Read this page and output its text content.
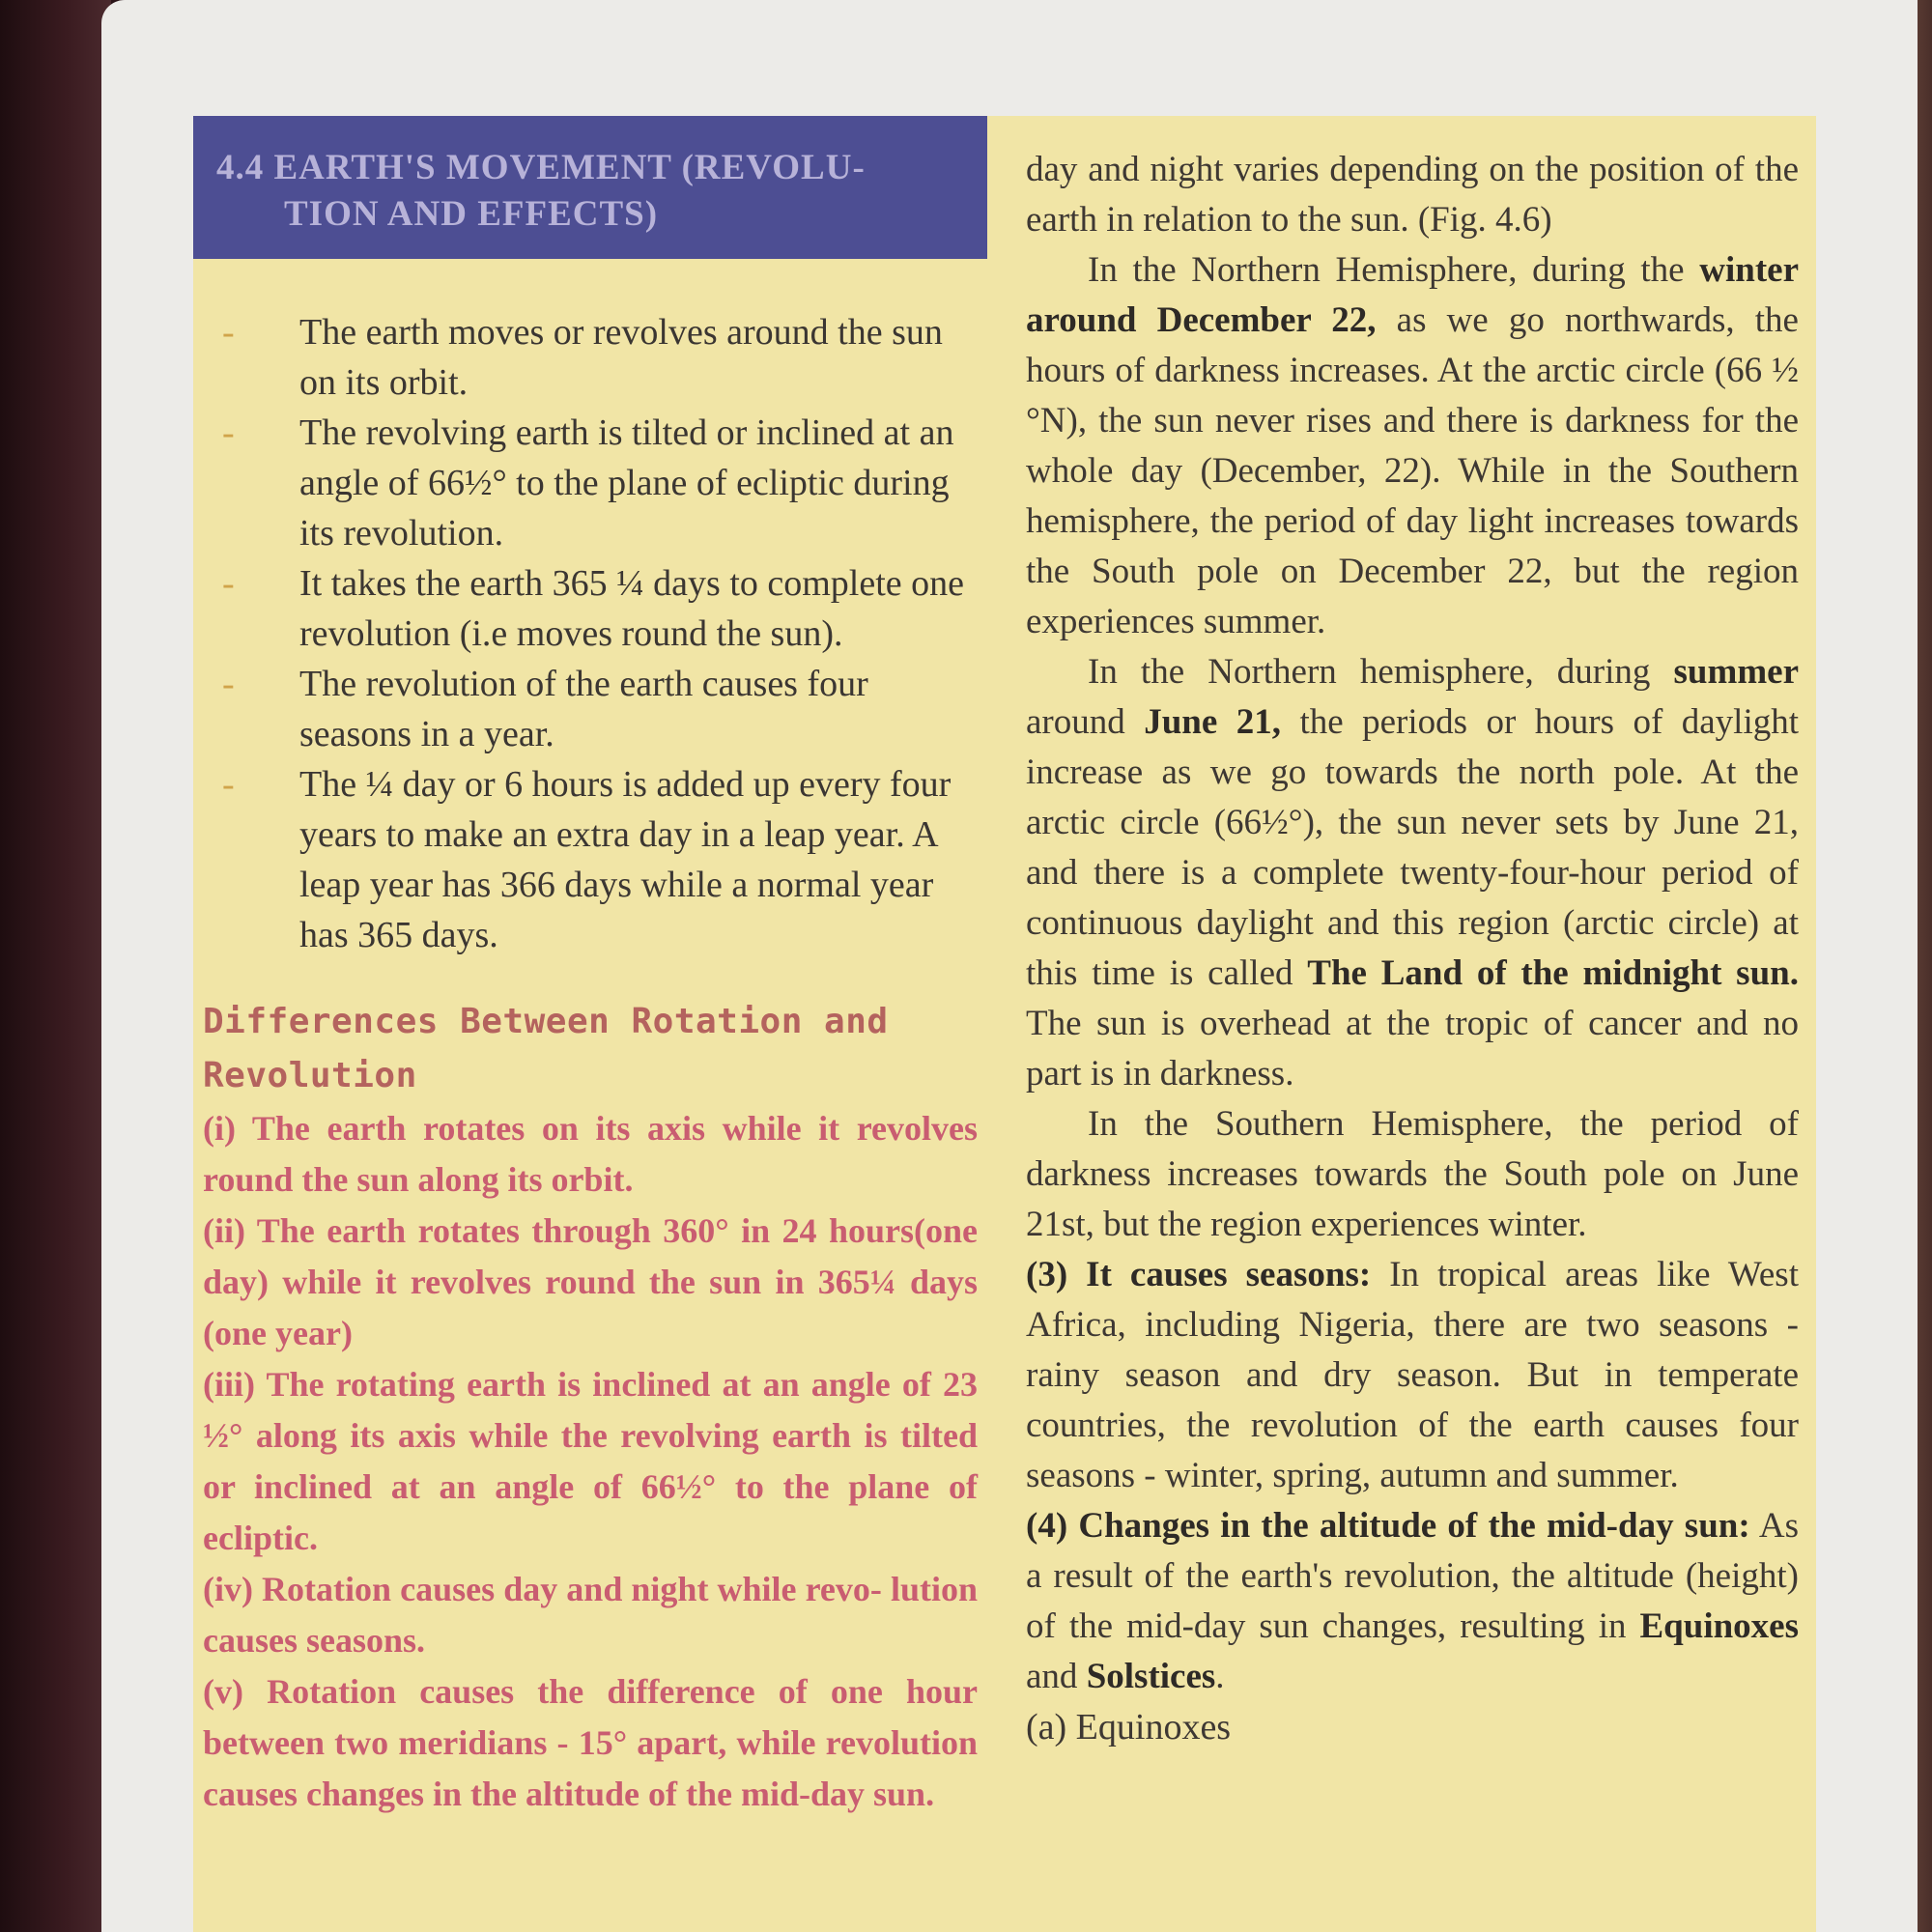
4.4 EARTH'S MOVEMENT (REVOLU-
TION AND EFFECTS)
- The earth moves or revolves around the sun on its orbit.
- The revolving earth is tilted or inclined at an angle of 66½° to the plane of ecliptic during its revolution.
- It takes the earth 365 ¼ days to complete one revolution (i.e moves round the sun).
- The revolution of the earth causes four seasons in a year.
- The ¼ day or 6 hours is added up every four years to make an extra day in a leap year. A leap year has 366 days while a normal year has 365 days.
Differences Between Rotation and Revolution
(i) The earth rotates on its axis while it revolves round the sun along its orbit.
(ii) The earth rotates through 360° in 24 hours(one day) while it revolves round the sun in 365¼ days (one year)
(iii) The rotating earth is inclined at an angle of 23 ½° along its axis while the revolving earth is tilted or inclined at an angle of 66½° to the plane of ecliptic.
(iv) Rotation causes day and night while revo- lution causes seasons.
(v) Rotation causes the difference of one hour between two meridians - 15° apart, while revolution causes changes in the altitude of the mid-day sun.

day and night varies depending on the position of the earth in relation to the sun. (Fig. 4.6)

In the Northern Hemisphere, during the winter around December 22, as we go northwards, the hours of darkness increases. At the arctic circle (66 ½ °N), the sun never rises and there is darkness for the whole day (December, 22). While in the Southern hemisphere, the period of day light increases towards the South pole on December 22, but the region experiences summer.

In the Northern hemisphere, during summer around June 21, the periods or hours of daylight increase as we go towards the north pole. At the arctic circle (66½°), the sun never sets by June 21, and there is a complete twenty-four-hour period of continuous daylight and this region (arctic circle) at this time is called The Land of the midnight sun. The sun is overhead at the tropic of cancer and no part is in darkness.

In the Southern Hemisphere, the period of darkness increases towards the South pole on June 21st, but the region experiences winter.

(3) It causes seasons: In tropical areas like West Africa, including Nigeria, there are two seasons - rainy season and dry season. But in temperate countries, the revolution of the earth causes four seasons - winter, spring, autumn and summer.

(4) Changes in the altitude of the mid-day sun: As a result of the earth's revolution, the altitude (height) of the mid-day sun changes, resulting in Equinoxes and Solstices.

(a) Equinoxes
